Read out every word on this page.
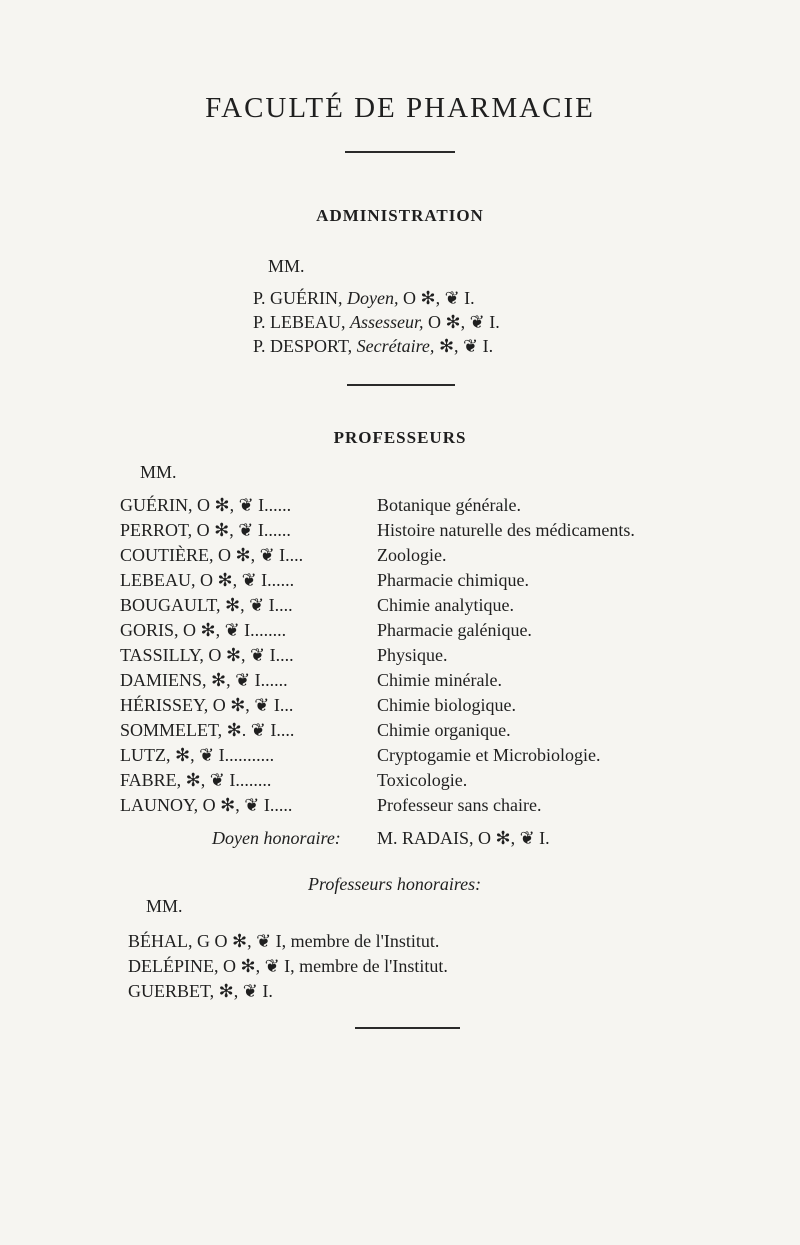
FACULTÉ DE PHARMACIE
ADMINISTRATION
MM.
P. GUÉRIN, Doyen, O ✻, ❦ I.
P. LEBEAU, Assesseur, O ✻, ❦ I.
P. DESPORT, Secrétaire, ✻, ❦ I.
PROFESSEURS
MM.
GUÉRIN, O ✻, ❦ I......	Botanique générale.
PERROT, O ✻, ❦ I......	Histoire naturelle des médicaments.
COUTIÈRE, O ✻, ❦ I....	Zoologie.
LEBEAU, O ✻, ❦ I......	Pharmacie chimique.
BOUGAULT, ✻, ❦ I....	Chimie analytique.
GORIS, O ✻, ❦ I........	Pharmacie galénique.
TASSILLY, O ✻, ❦ I....	Physique.
DAMIENS, ✻, ❦ I......	Chimie minérale.
HÉRISSEY, O ✻, ❦ I...	Chimie biologique.
SOMMELET, ✻. ❦ I....	Chimie organique.
LUTZ, ✻, ❦ I...........	Cryptogamie et Microbiologie.
FABRE, ✻, ❦ I........	Toxicologie.
LAUNOY, O ✻, ❦ I.....	Professeur sans chaire.
Doyen honoraire: M. RADAIS, O ✻, ❦ I.
Professeurs honoraires:
MM.
BÉHAL, G O ✻, ❦ I, membre de l'Institut.
DELÉPINE, O ✻, ❦ I, membre de l'Institut.
GUERBET, ✻, ❦ I.
